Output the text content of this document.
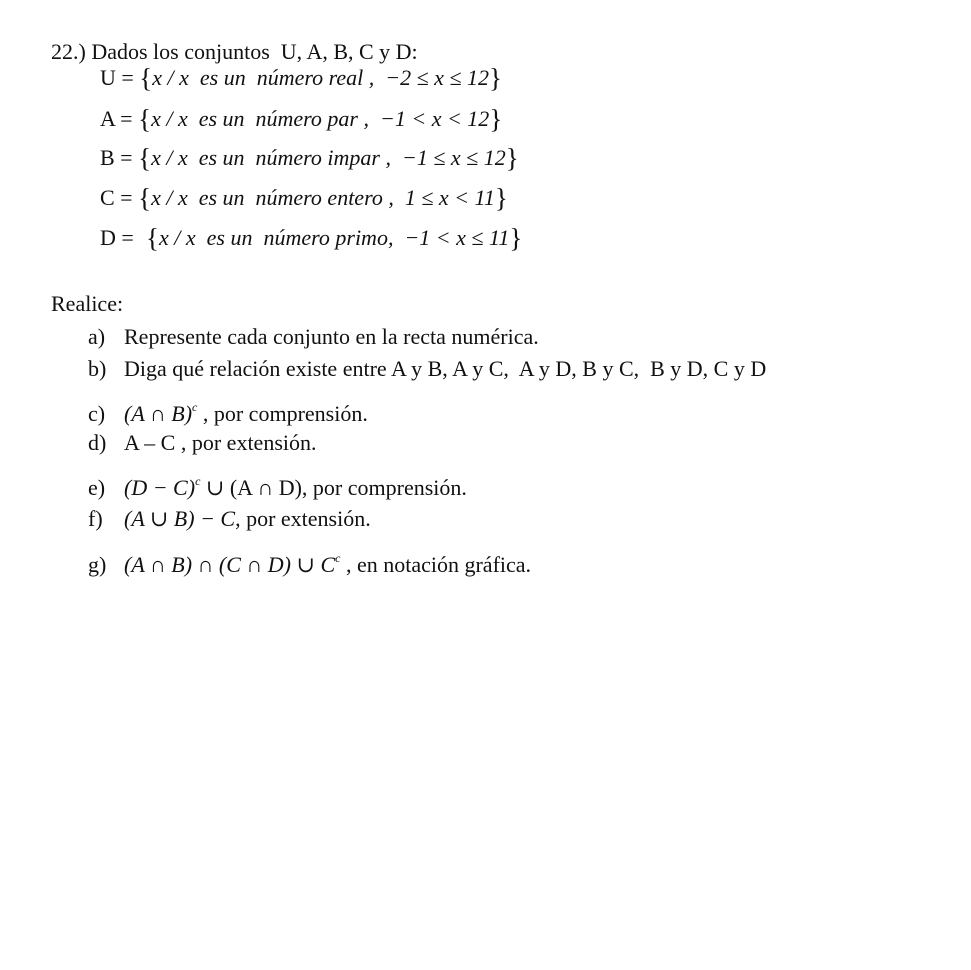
22.) Dados los conjuntos  U, A, B, C y D:
U = {x / x  es un  número real , −2 ≤ x ≤ 12}
A = {x / x  es un  número par , −1 < x < 12}
B = {x / x  es un  número impar , −1 ≤ x ≤ 12}
C = {x / x  es un  número entero , 1 ≤ x < 11}
D =  {x / x  es un  número primo, −1 < x ≤ 11}
Realice:
a) Represente cada conjunto en la recta numérica.
b) Diga qué relación existe entre A y B, A y C,  A y D, B y C,  B y D, C y D
c) (A ∩ B)$^c$ , por comprensión.
d) A – C , por extensión.
e) $(D - C)^c$ ∪ (A ∩ D), por comprensión.
f) (A ∪ B) − C, por extensión.
g) (A ∩ B) ∩ (C ∩ D) ∪ $C^c$ , en notación gráfica.
